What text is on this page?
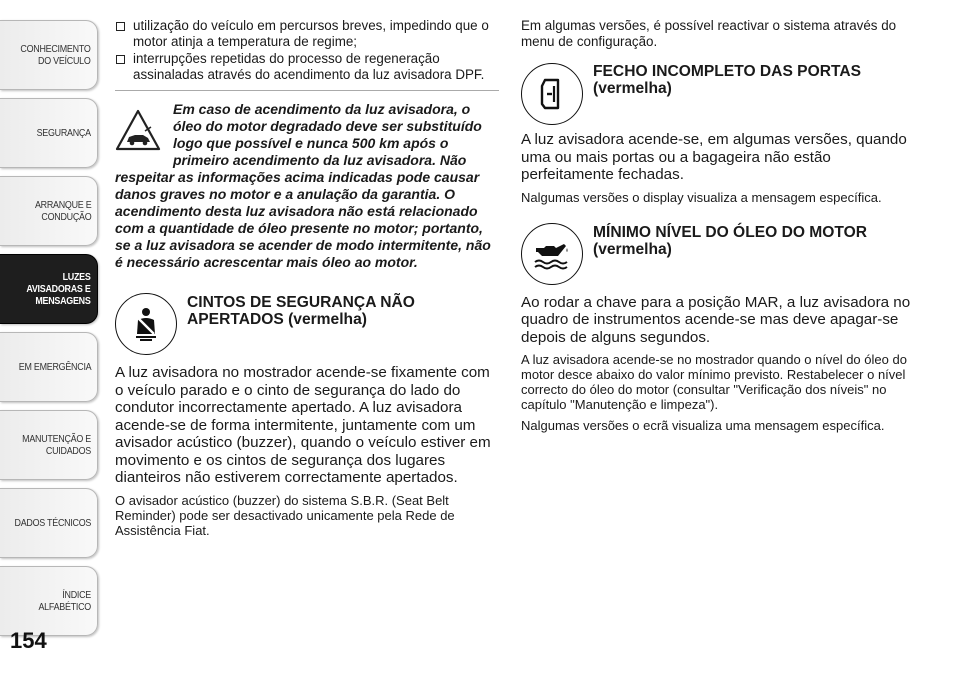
CONHECIMENTO
DO VEÍCULO
SEGURANÇA
ARRANQUE E
CONDUÇÃO
LUZES
AVISADORAS E
MENSAGENS
EM EMERGÊNCIA
MANUTENÇÃO E
CUIDADOS
DADOS TÉCNICOS
ÍNDICE ALFABÉTICO
154
utilização do veículo em percursos breves, impedindo que o motor atinja a temperatura de regime;
interrupções repetidas do processo de regeneração assinaladas através do acendimento da luz avisadora DPF.
Em caso de acendimento da luz avisadora, o óleo do motor degradado deve ser substituído logo que possível e nunca 500 km após o primeiro acendimento da luz avisadora. Não respeitar as informações acima indicadas pode causar danos graves no motor e a anulação da garantia. O acendimento desta luz avisadora não está relacionado com a quantidade de óleo presente no motor; portanto, se a luz avisadora se acender de modo intermitente, não é necessário acrescentar mais óleo ao motor.
CINTOS DE SEGURANÇA NÃO APERTADOS (vermelha)

A luz avisadora no mostrador acende-se fixamente com o veículo parado e o cinto de segurança do lado do condutor incorrectamente apertado. A luz avisadora acende-se de forma intermitente, juntamente com um avisador acústico (buzzer), quando o veículo estiver em movimento e os cintos de segurança dos lugares dianteiros não estiverem correctamente apertados.

O avisador acústico (buzzer) do sistema S.B.R. (Seat Belt Reminder) pode ser desactivado unicamente pela Rede de Assistência Fiat.

Em algumas versões, é possível reactivar o sistema através do menu de configuração.

FECHO INCOMPLETO DAS PORTAS (vermelha)

A luz avisadora acende-se, em algumas versões, quando uma ou mais portas ou a bagageira não estão perfeitamente fechadas.

Nalgumas versões o display visualiza a mensagem específica.

MÍNIMO NÍVEL DO ÓLEO DO MOTOR (vermelha)

Ao rodar a chave para a posição MAR, a luz avisadora no quadro de instrumentos acende-se mas deve apagar-se depois de alguns segundos.

A luz avisadora acende-se no mostrador quando o nível do óleo do motor desce abaixo do valor mínimo previsto. Restabelecer o nível correcto do óleo do motor (consultar "Verificação dos níveis" no capítulo "Manutenção e limpeza").

Nalgumas versões o ecrã visualiza uma mensagem específica.
